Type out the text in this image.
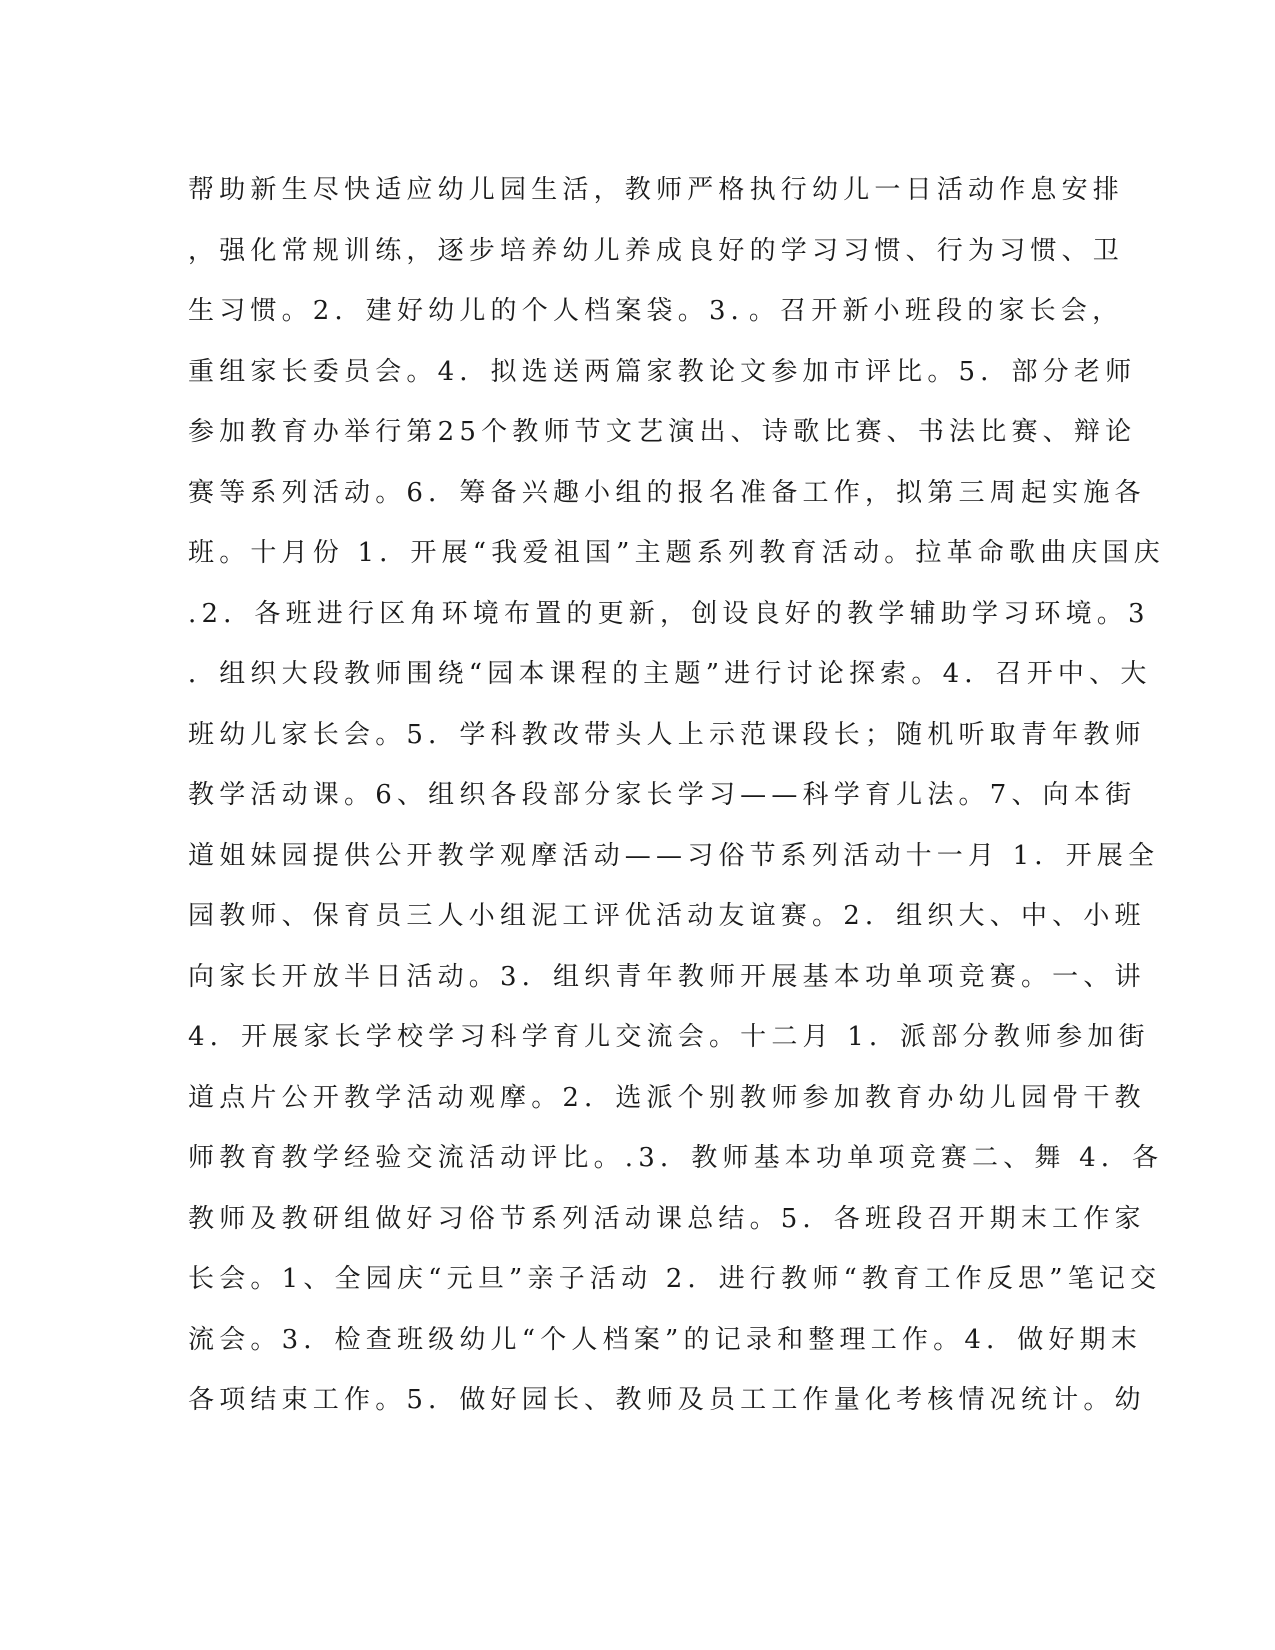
帮助新生尽快适应幼儿园生活，教师严格执行幼儿一日活动作息安排
，强化常规训练，逐步培养幼儿养成良好的学习习惯、行为习惯、卫
生习惯。2．建好幼儿的个人档案袋。3．。召开新小班段的家长会，
重组家长委员会。4．拟选送两篇家教论文参加市评比。5．部分老师
参加教育办举行第25个教师节文艺演出、诗歌比赛、书法比赛、辩论
赛等系列活动。6．筹备兴趣小组的报名准备工作，拟第三周起实施各
班。十月份 1．开展“我爱祖国”主题系列教育活动。拉革命歌曲庆国庆
.2．各班进行区角环境布置的更新，创设良好的教学辅助学习环境。3
．组织大段教师围绕“园本课程的主题”进行讨论探索。4．召开中、大
班幼儿家长会。5．学科教改带头人上示范课段长；随机听取青年教师
教学活动课。6、组织各段部分家长学习——科学育儿法。7、向本街
道姐妹园提供公开教学观摩活动——习俗节系列活动十一月 1．开展全
园教师、保育员三人小组泥工评优活动友谊赛。2．组织大、中、小班
向家长开放半日活动。3．组织青年教师开展基本功单项竞赛。一、讲
4．开展家长学校学习科学育儿交流会。十二月 1．派部分教师参加街
道点片公开教学活动观摩。2．选派个别教师参加教育办幼儿园骨干教
师教育教学经验交流活动评比。.3．教师基本功单项竞赛二、舞 4．各
教师及教研组做好习俗节系列活动课总结。5．各班段召开期末工作家
长会。1、全园庆“元旦”亲子活动 2．进行教师“教育工作反思”笔记交
流会。3．检查班级幼儿“个人档案”的记录和整理工作。4．做好期末
各项结束工作。5．做好园长、教师及员工工作量化考核情况统计。幼
